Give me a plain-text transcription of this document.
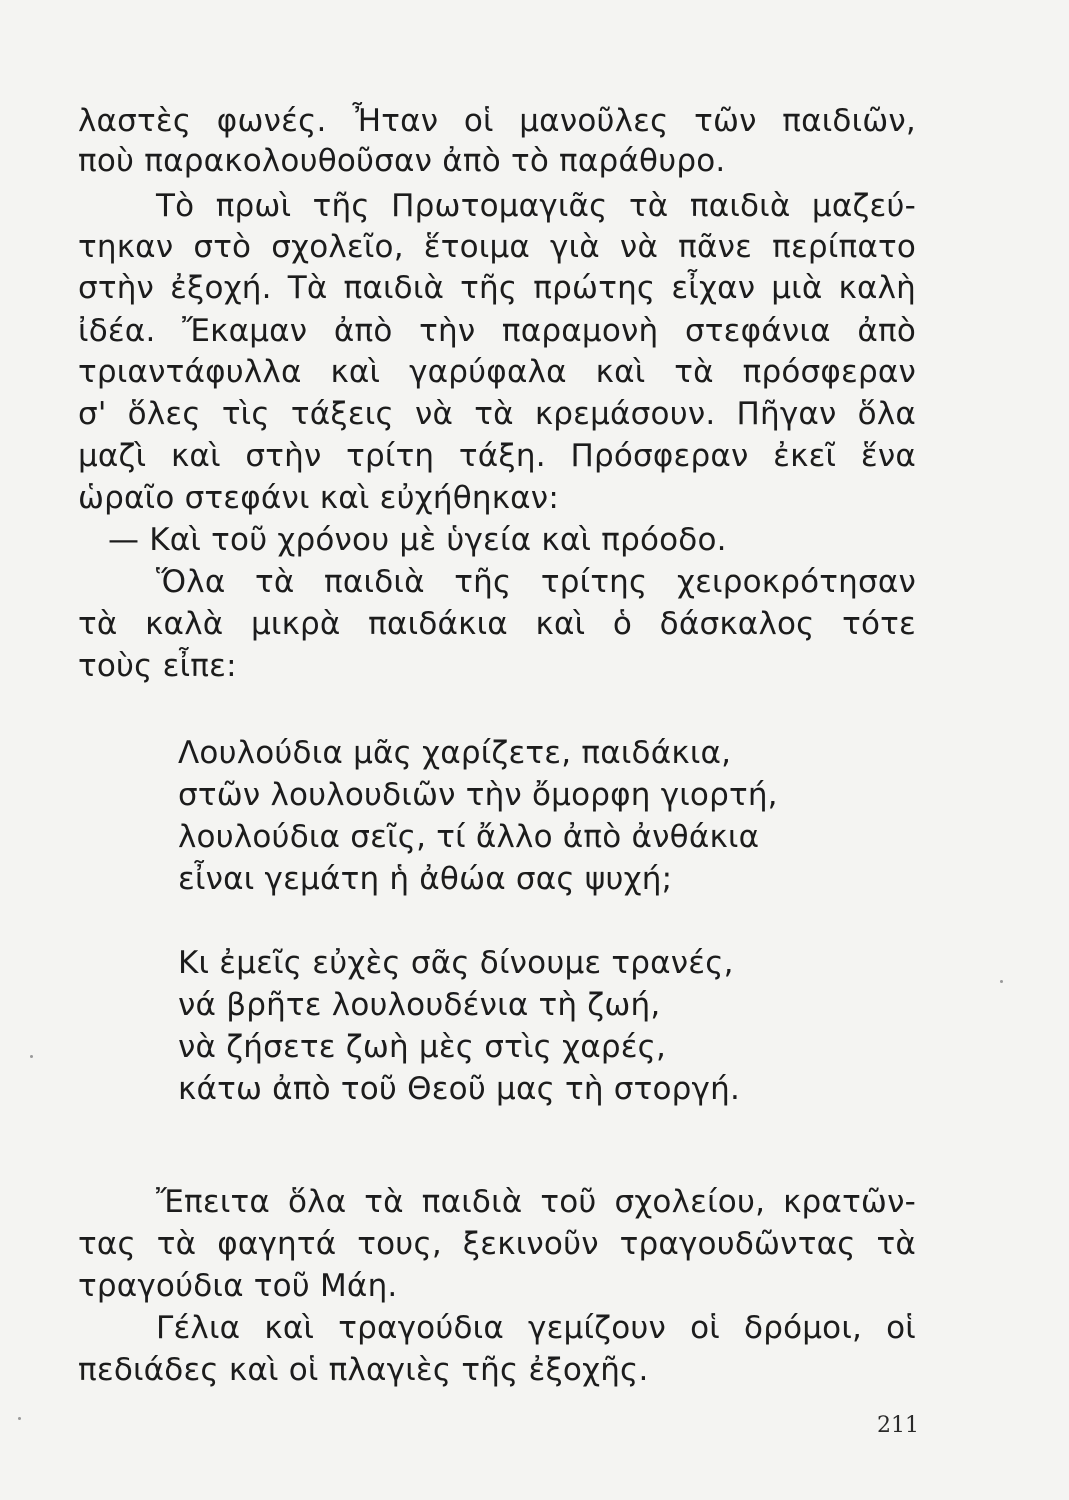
λαστὲς φωνές. Ἦταν οἱ μανοῦλες τῶν παιδιῶν,
ποὺ παρακολουθοῦσαν ἀπὸ τὸ παράθυρο.
Τὸ πρωὶ τῆς Πρωτομαγιᾶς τὰ παιδιὰ μαζεύ-
τηκαν στὸ σχολεῖο, ἕτοιμα γιὰ νὰ πᾶνε περίπατο
στὴν ἐξοχή. Τὰ παιδιὰ τῆς πρώτης εἶχαν μιὰ καλὴ
ἰδέα. Ἔκαμαν ἀπὸ τὴν παραμονὴ στεφάνια ἀπὸ
τριαντάφυλλα καὶ γαρύφαλα καὶ τὰ πρόσφεραν
σ' ὅλες τὶς τάξεις νὰ τὰ κρεμάσουν. Πῆγαν ὅλα
μαζὶ καὶ στὴν τρίτη τάξη. Πρόσφεραν ἐκεῖ ἕνα
ὡραῖο στεφάνι καὶ εὐχήθηκαν:
— Καὶ τοῦ χρόνου μὲ ὑγεία καὶ πρόοδο.
Ὅλα τὰ παιδιὰ τῆς τρίτης χειροκρότησαν
τὰ καλὰ μικρὰ παιδάκια καὶ ὁ δάσκαλος τότε
τοὺς εἶπε:
Λουλούδια μᾶς χαρίζετε, παιδάκια,
στῶν λουλουδιῶν τὴν ὄμορφη γιορτή,
λουλούδια σεῖς, τί ἄλλο ἀπὸ ἀνθάκια
εἶναι γεμάτη ἡ ἀθώα σας ψυχή;
Κι ἐμεῖς εὐχὲς σᾶς δίνουμε τρανές,
νά βρῆτε λουλουδένια τὴ ζωή,
νὰ ζήσετε ζωὴ μὲς στὶς χαρές,
κάτω ἀπὸ τοῦ Θεοῦ μας τὴ στοργή.
Ἔπειτα ὅλα τὰ παιδιὰ τοῦ σχολείου, κρατῶν-
τας τὰ φαγητά τους, ξεκινοῦν τραγουδῶντας τὰ
τραγούδια τοῦ Μάη.
Γέλια καὶ τραγούδια γεμίζουν οἱ δρόμοι, οἱ
πεδιάδες καὶ οἱ πλαγιὲς τῆς ἐξοχῆς.
211
